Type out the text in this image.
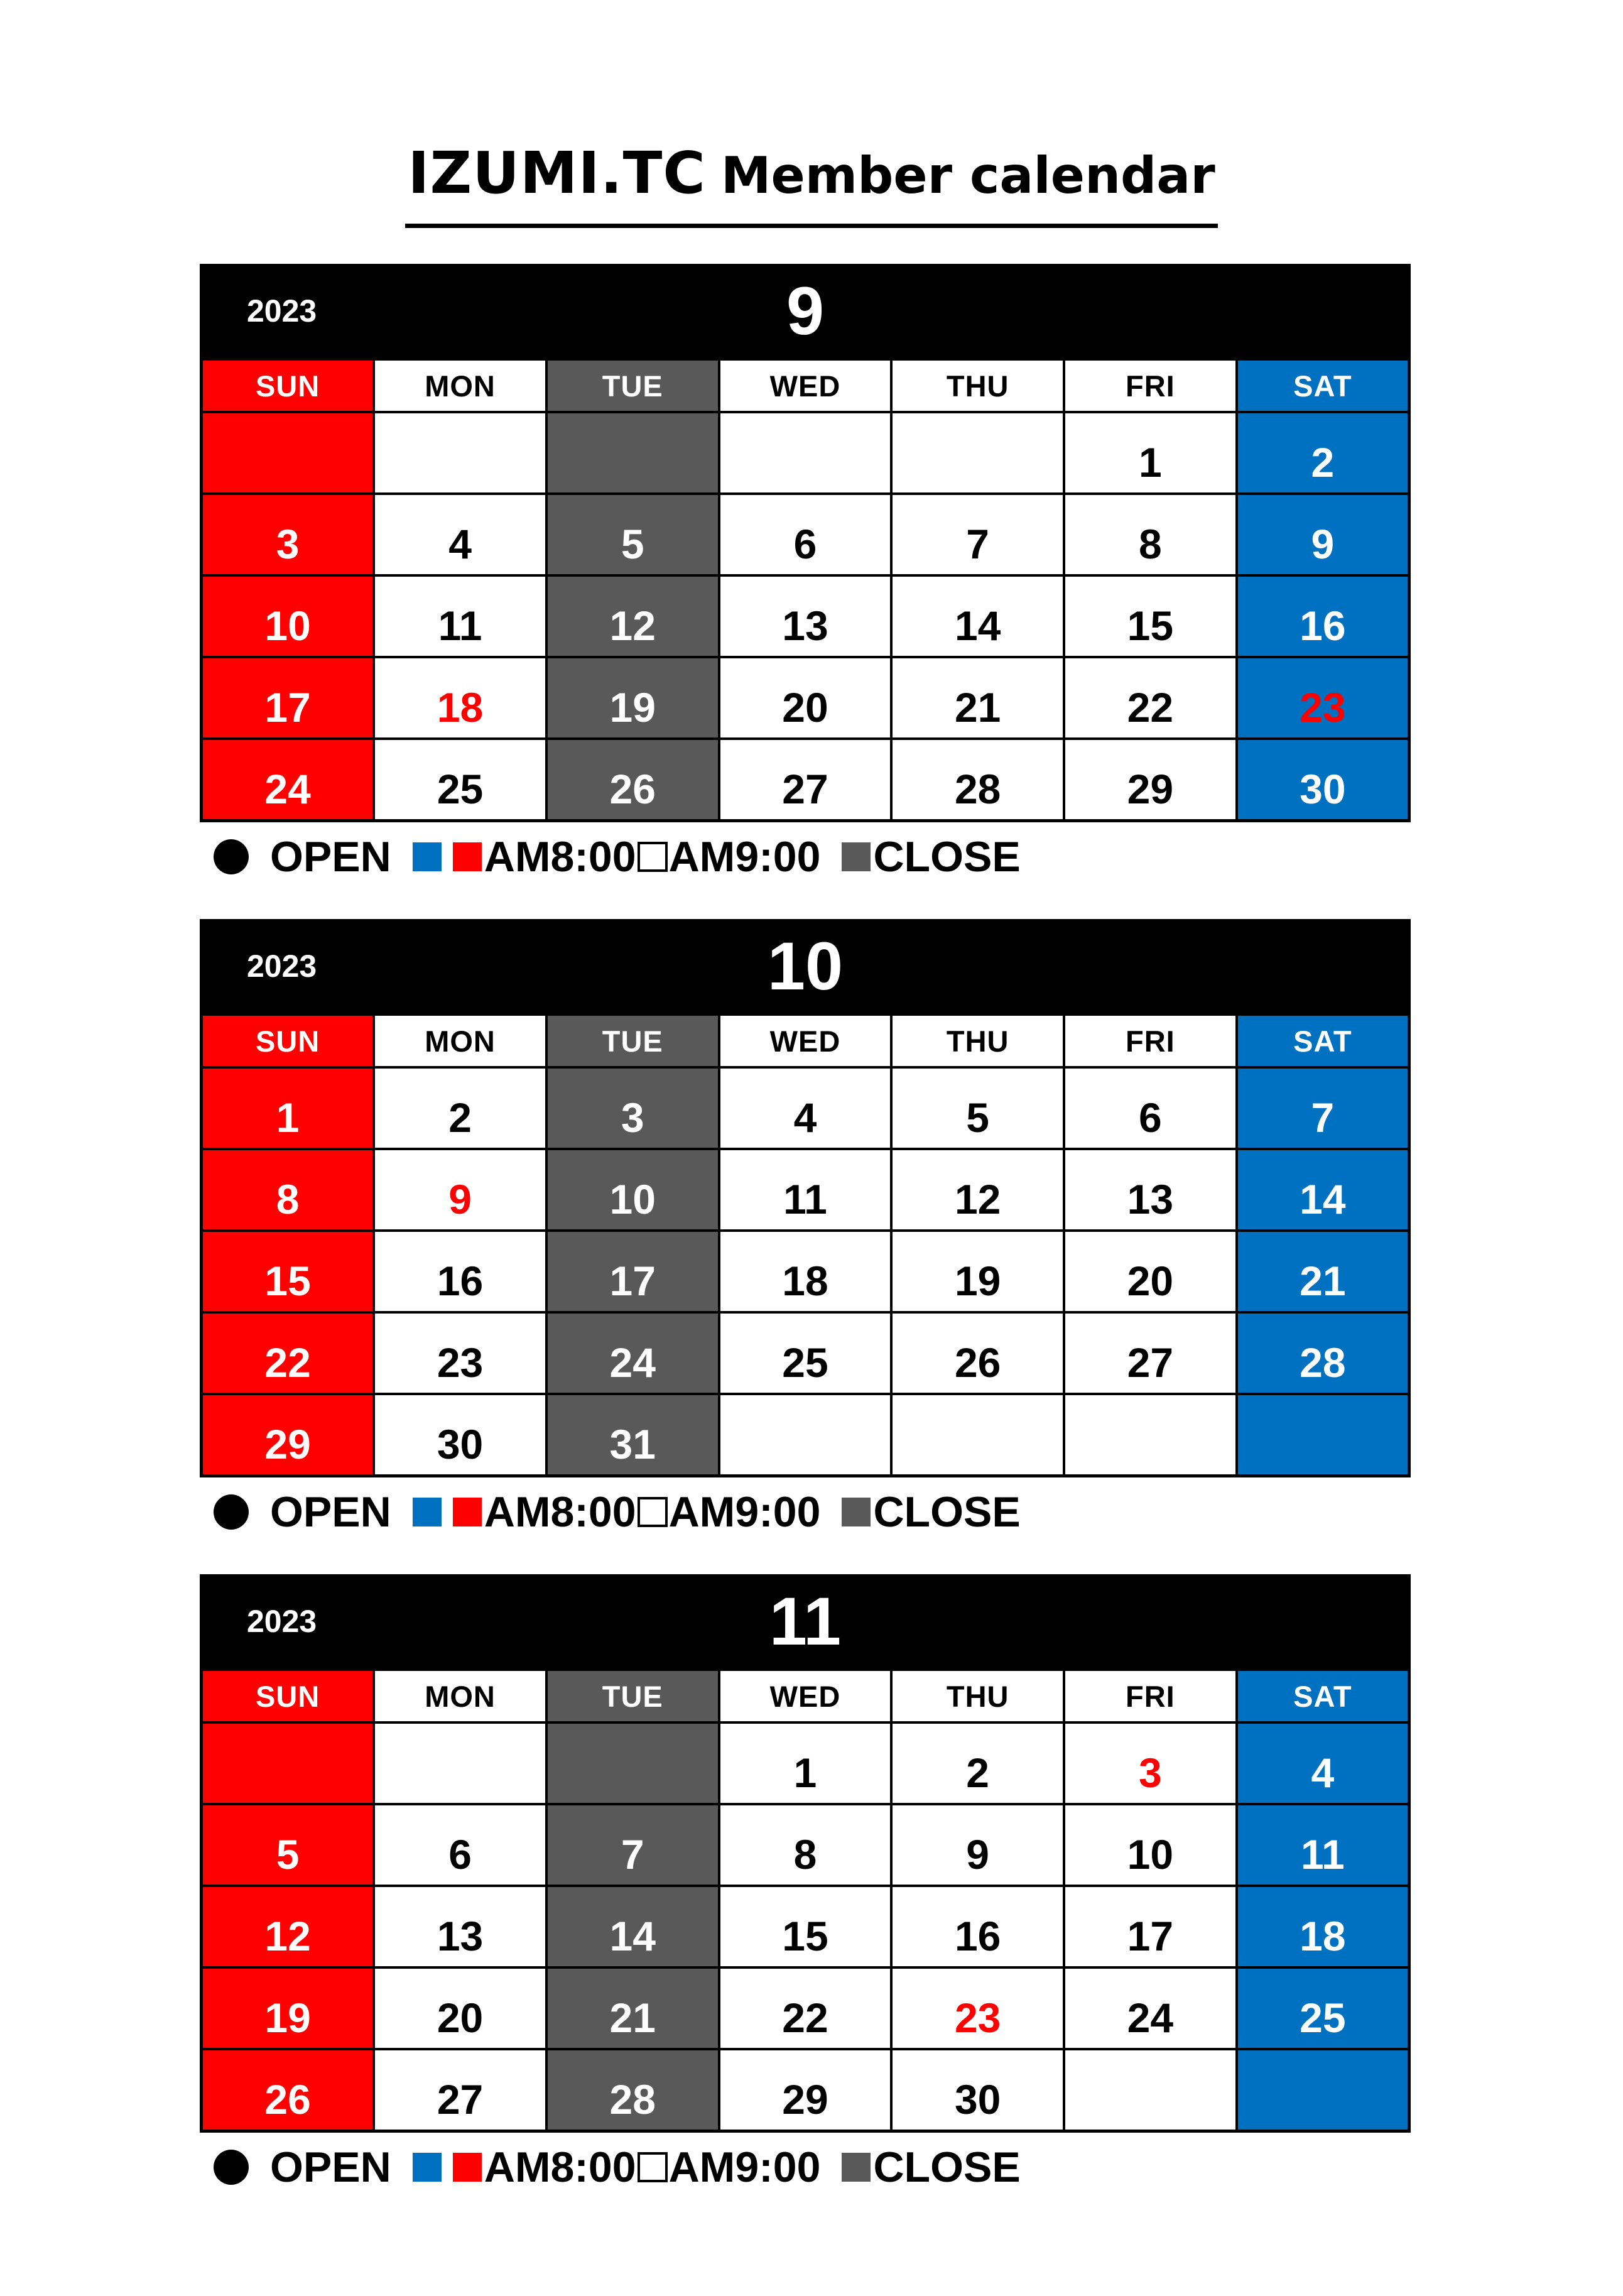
IZUMI.TC Member calendar
2023	9
SUN	MON	TUE	WED	THU	FRI	SAT
					1	2
3	4	5	6	7	8	9
10	11	12	13	14	15	16
17	18	19	20	21	22	23
24	25	26	27	28	29	30
OPEN AM8:00 AM9:00 CLOSE
2023	10
SUN	MON	TUE	WED	THU	FRI	SAT
1	2	3	4	5	6	7
8	9	10	11	12	13	14
15	16	17	18	19	20	21
22	23	24	25	26	27	28
29	30	31				
OPEN AM8:00 AM9:00 CLOSE
2023	11
SUN	MON	TUE	WED	THU	FRI	SAT
			1	2	3	4
5	6	7	8	9	10	11
12	13	14	15	16	17	18
19	20	21	22	23	24	25
26	27	28	29	30		
OPEN AM8:00 AM9:00 CLOSE
